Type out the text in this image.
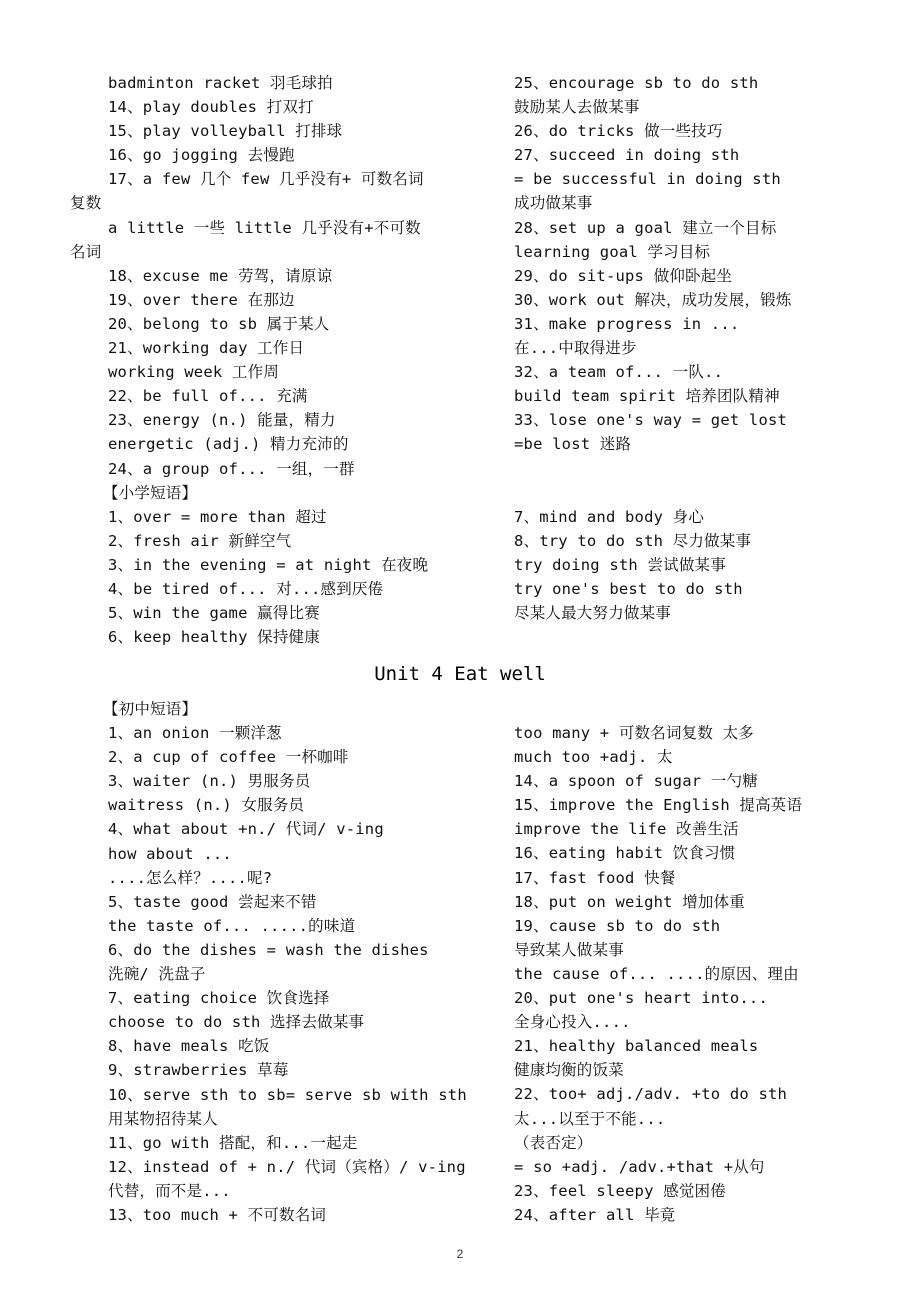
badminton racket 羽毛球拍
14、play doubles 打双打
15、play volleyball 打排球
16、go jogging 去慢跑
17、a few 几个 few 几乎没有+ 可数名词
复数
a little 一些 little 几乎没有+不可数
名词
18、excuse me 劳驾，请原谅
19、over there 在那边
20、belong to sb 属于某人
21、working day 工作日
working week 工作周
22、be full of... 充满
23、energy (n.) 能量，精力
energetic (adj.) 精力充沛的
24、a group of... 一组，一群
【小学短语】
1、over = more than 超过
2、fresh air 新鲜空气
3、in the evening = at night 在夜晚
4、be tired of... 对...感到厌倦
5、win the game 赢得比赛
6、keep healthy 保持健康
25、encourage sb to do sth
鼓励某人去做某事
26、do tricks 做一些技巧
27、succeed in doing sth
= be successful in doing sth
成功做某事
28、set up a goal 建立一个目标
learning goal 学习目标
29、do sit-ups 做仰卧起坐
30、work out 解决，成功发展，锻炼
31、make progress in ...
在...中取得进步
32、a team of... 一队..
build team spirit 培养团队精神
33、lose one's way = get lost
=be lost 迷路
7、mind and body 身心
8、try to do sth 尽力做某事
try doing sth 尝试做某事
try one's best to do sth
尽某人最大努力做某事
Unit 4 Eat well
【初中短语】
1、an onion 一颗洋葱
2、a cup of coffee 一杯咖啡
3、waiter (n.) 男服务员
waitress (n.) 女服务员
4、what about +n./ 代词/ v-ing
how about ...
....怎么样？....呢?
5、taste good 尝起来不错
the taste of... .....的味道
6、do the dishes = wash the dishes
洗碗/ 洗盘子
7、eating choice 饮食选择
choose to do sth 选择去做某事
8、have meals 吃饭
9、strawberries 草莓
10、serve sth to sb= serve sb with sth
用某物招待某人
11、go with 搭配，和...一起走
12、instead of + n./ 代词（宾格）/ v-ing
代替，而不是...
13、too much + 不可数名词
too many + 可数名词复数 太多
much too +adj. 太
14、a spoon of sugar 一勺糖
15、improve the English 提高英语
improve the life 改善生活
16、eating habit 饮食习惯
17、fast food 快餐
18、put on weight 增加体重
19、cause sb to do sth
导致某人做某事
the cause of... ....的原因、理由
20、put one's heart into...
全身心投入....
21、healthy balanced meals
健康均衡的饭菜
22、too+ adj./adv. +to do sth
太...以至于不能...
（表否定）
= so +adj. /adv.+that +从句
23、feel sleepy 感觉困倦
24、after all 毕竟
2
